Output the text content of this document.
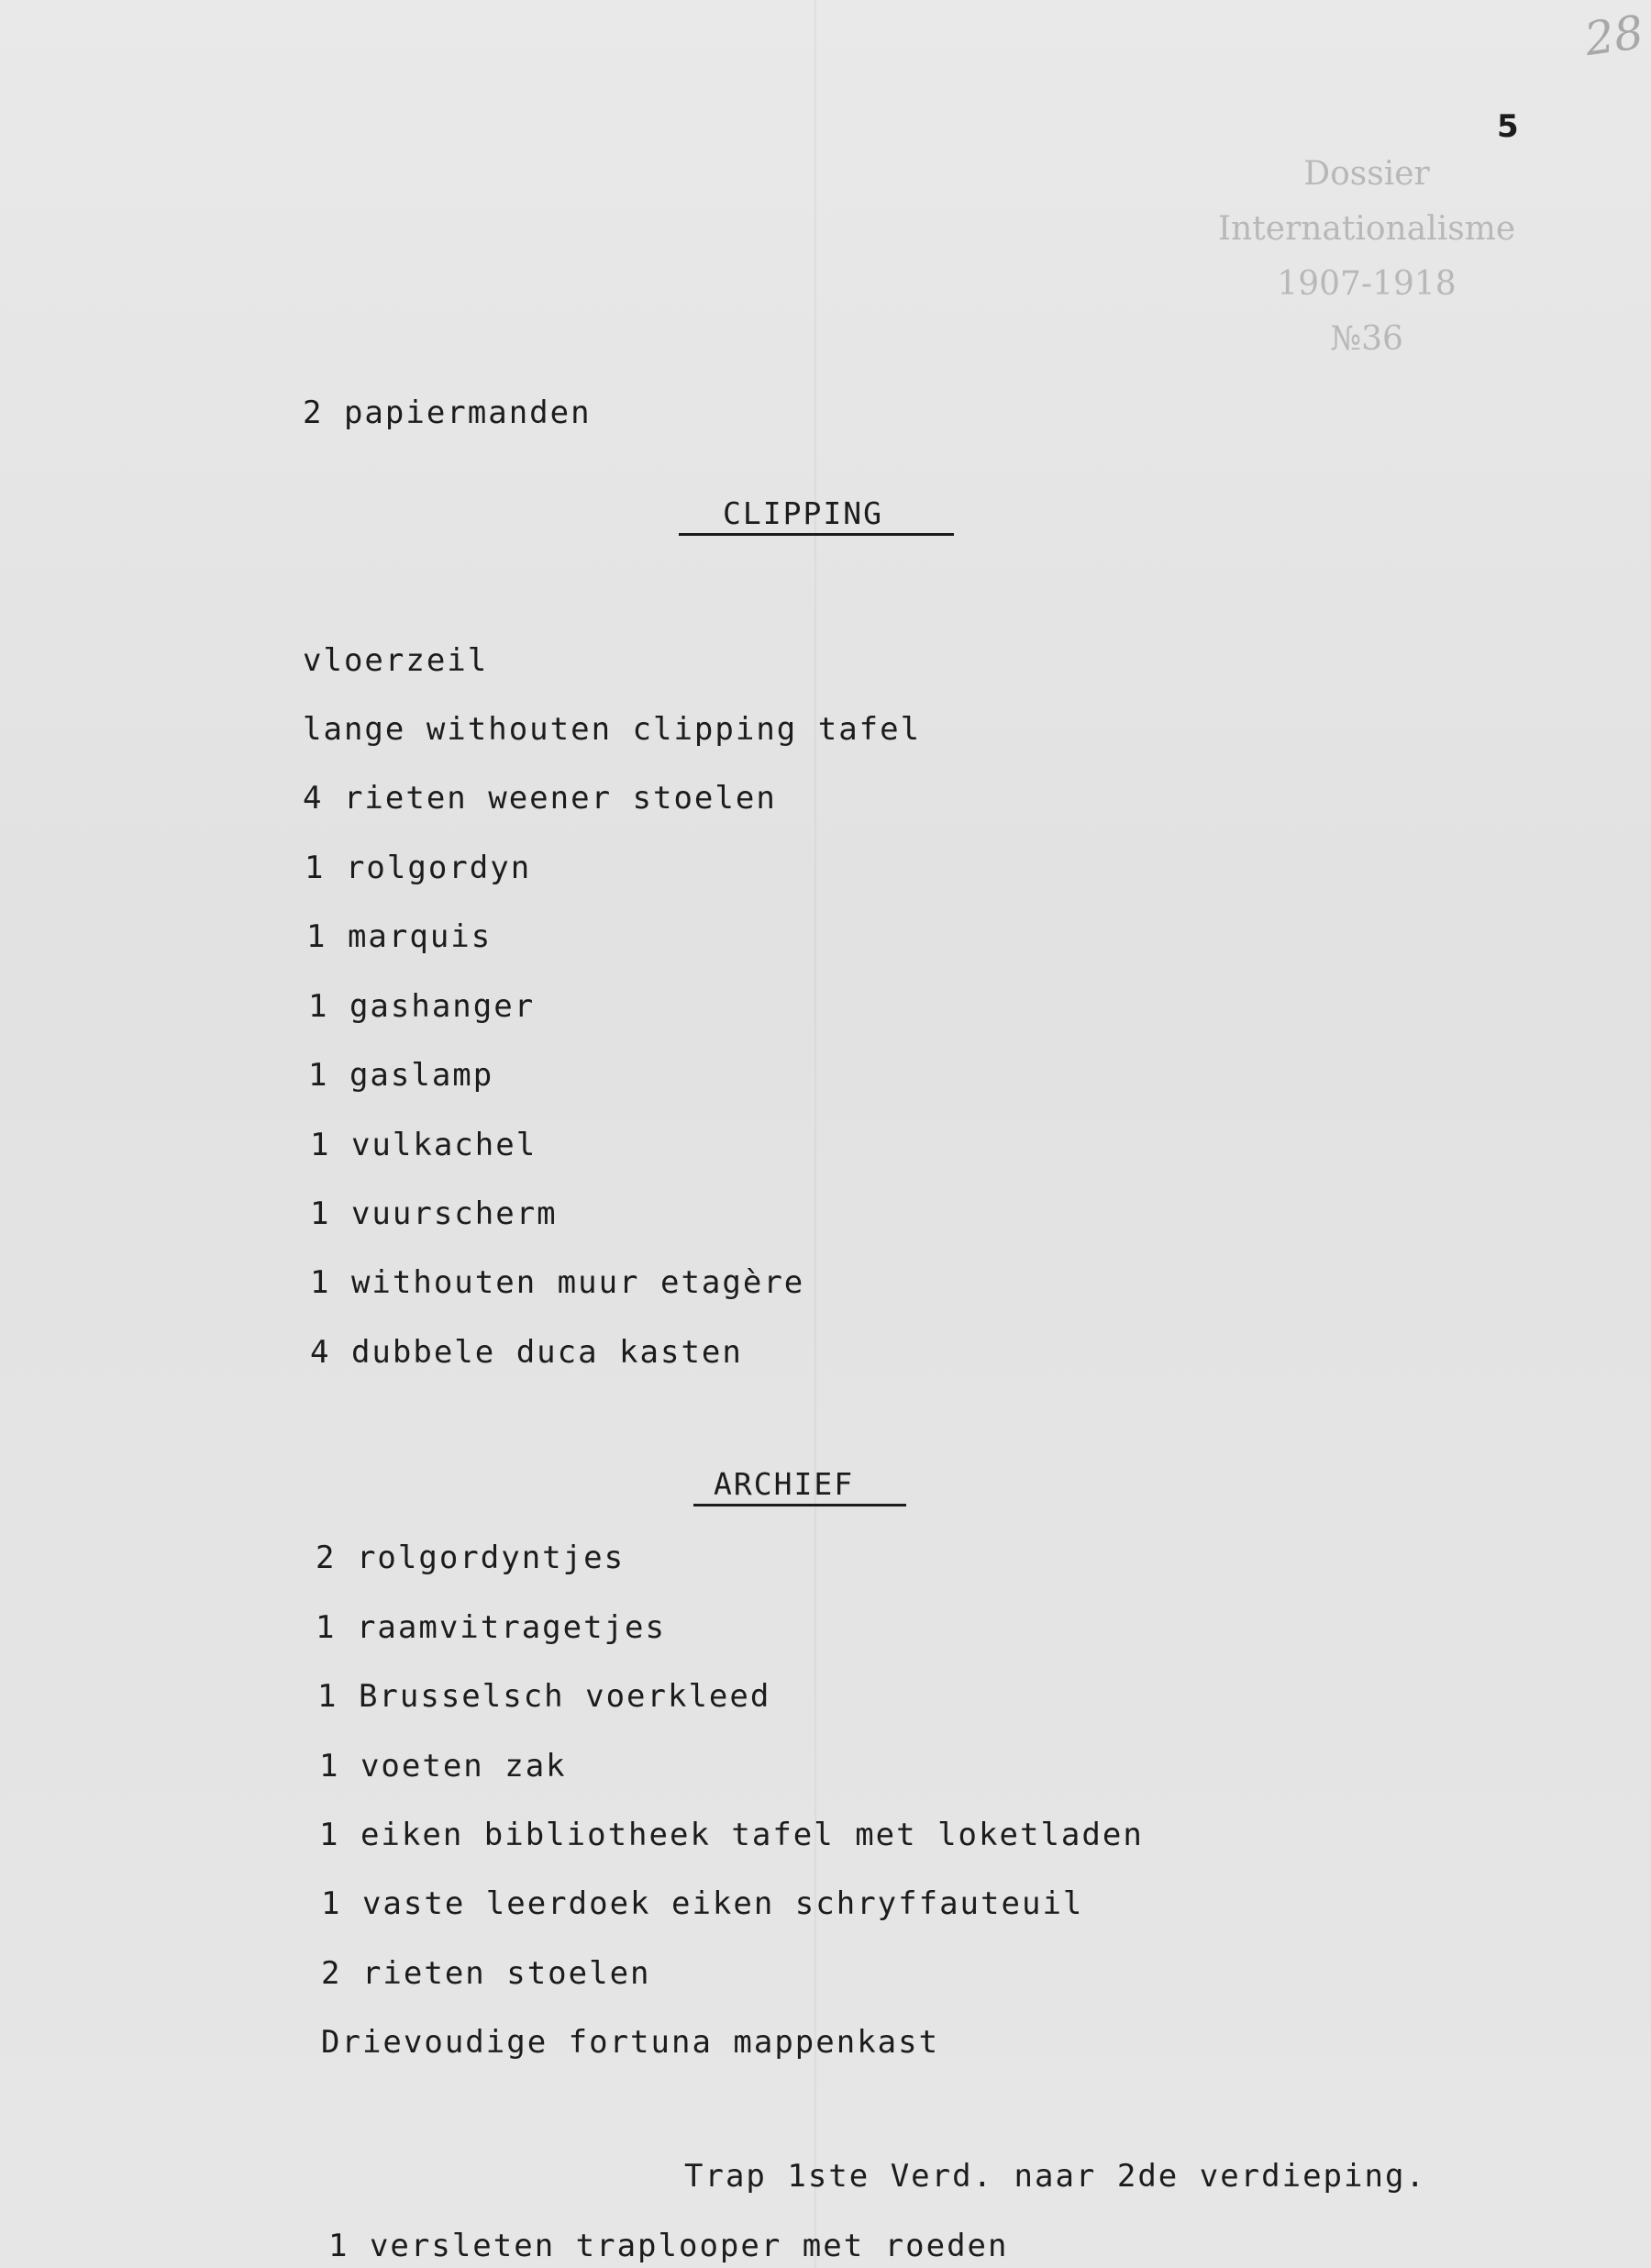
28
5
Dossier
Internationalisme
1907-1918
№36
2 papiermanden
CLIPPING
vloerzeil
lange withouten clipping tafel
4 rieten weener stoelen
1 rolgordyn
1 marquis
1 gashanger
1 gaslamp
1 vulkachel
1 vuurscherm
1 withouten muur etagère
4 dubbele duca kasten
ARCHIEF
2 rolgordyntjes
1 raamvitragetjes
1 Brusselsch voerkleed
1 voeten zak
1 eiken bibliotheek tafel met loketladen
1 vaste leerdoek eiken schryffauteuil
2 rieten stoelen
Drievoudige fortuna mappenkast
Trap 1ste Verd. naar 2de verdieping.
1 versleten traplooper met roeden
